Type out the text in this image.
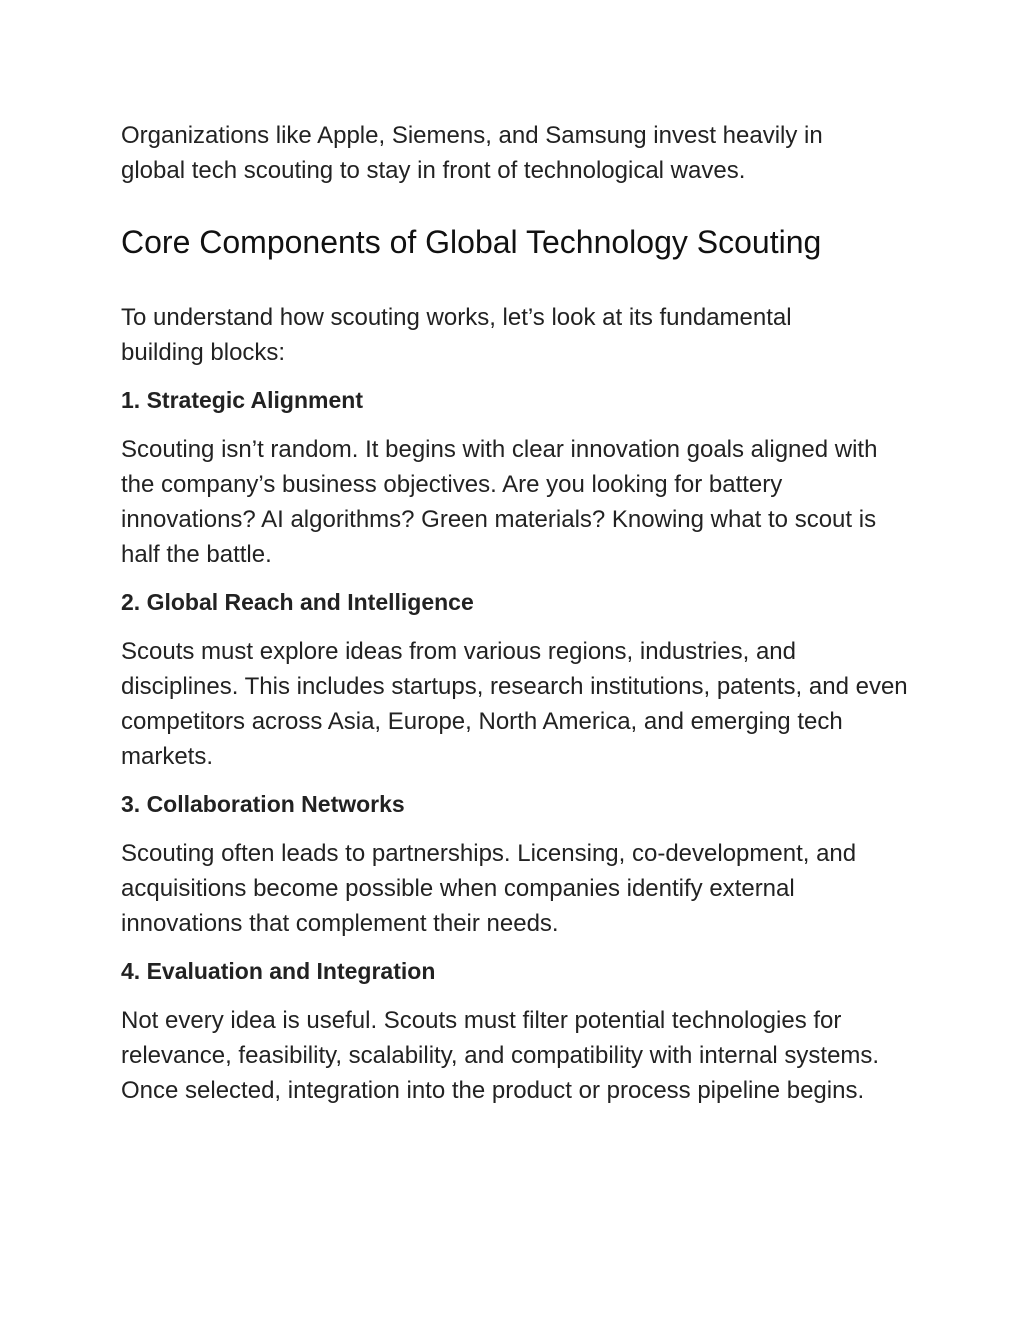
Organizations like Apple, Siemens, and Samsung invest heavily in global tech scouting to stay in front of technological waves.

Core Components of Global Technology Scouting

To understand how scouting works, let’s look at its fundamental building blocks:

1. Strategic Alignment

Scouting isn’t random. It begins with clear innovation goals aligned with the company’s business objectives. Are you looking for battery innovations? AI algorithms? Green materials? Knowing what to scout is half the battle.

2. Global Reach and Intelligence

Scouts must explore ideas from various regions, industries, and disciplines. This includes startups, research institutions, patents, and even competitors across Asia, Europe, North America, and emerging tech markets.

3. Collaboration Networks

Scouting often leads to partnerships. Licensing, co-development, and acquisitions become possible when companies identify external innovations that complement their needs.

4. Evaluation and Integration

Not every idea is useful. Scouts must filter potential technologies for relevance, feasibility, scalability, and compatibility with internal systems. Once selected, integration into the product or process pipeline begins.
